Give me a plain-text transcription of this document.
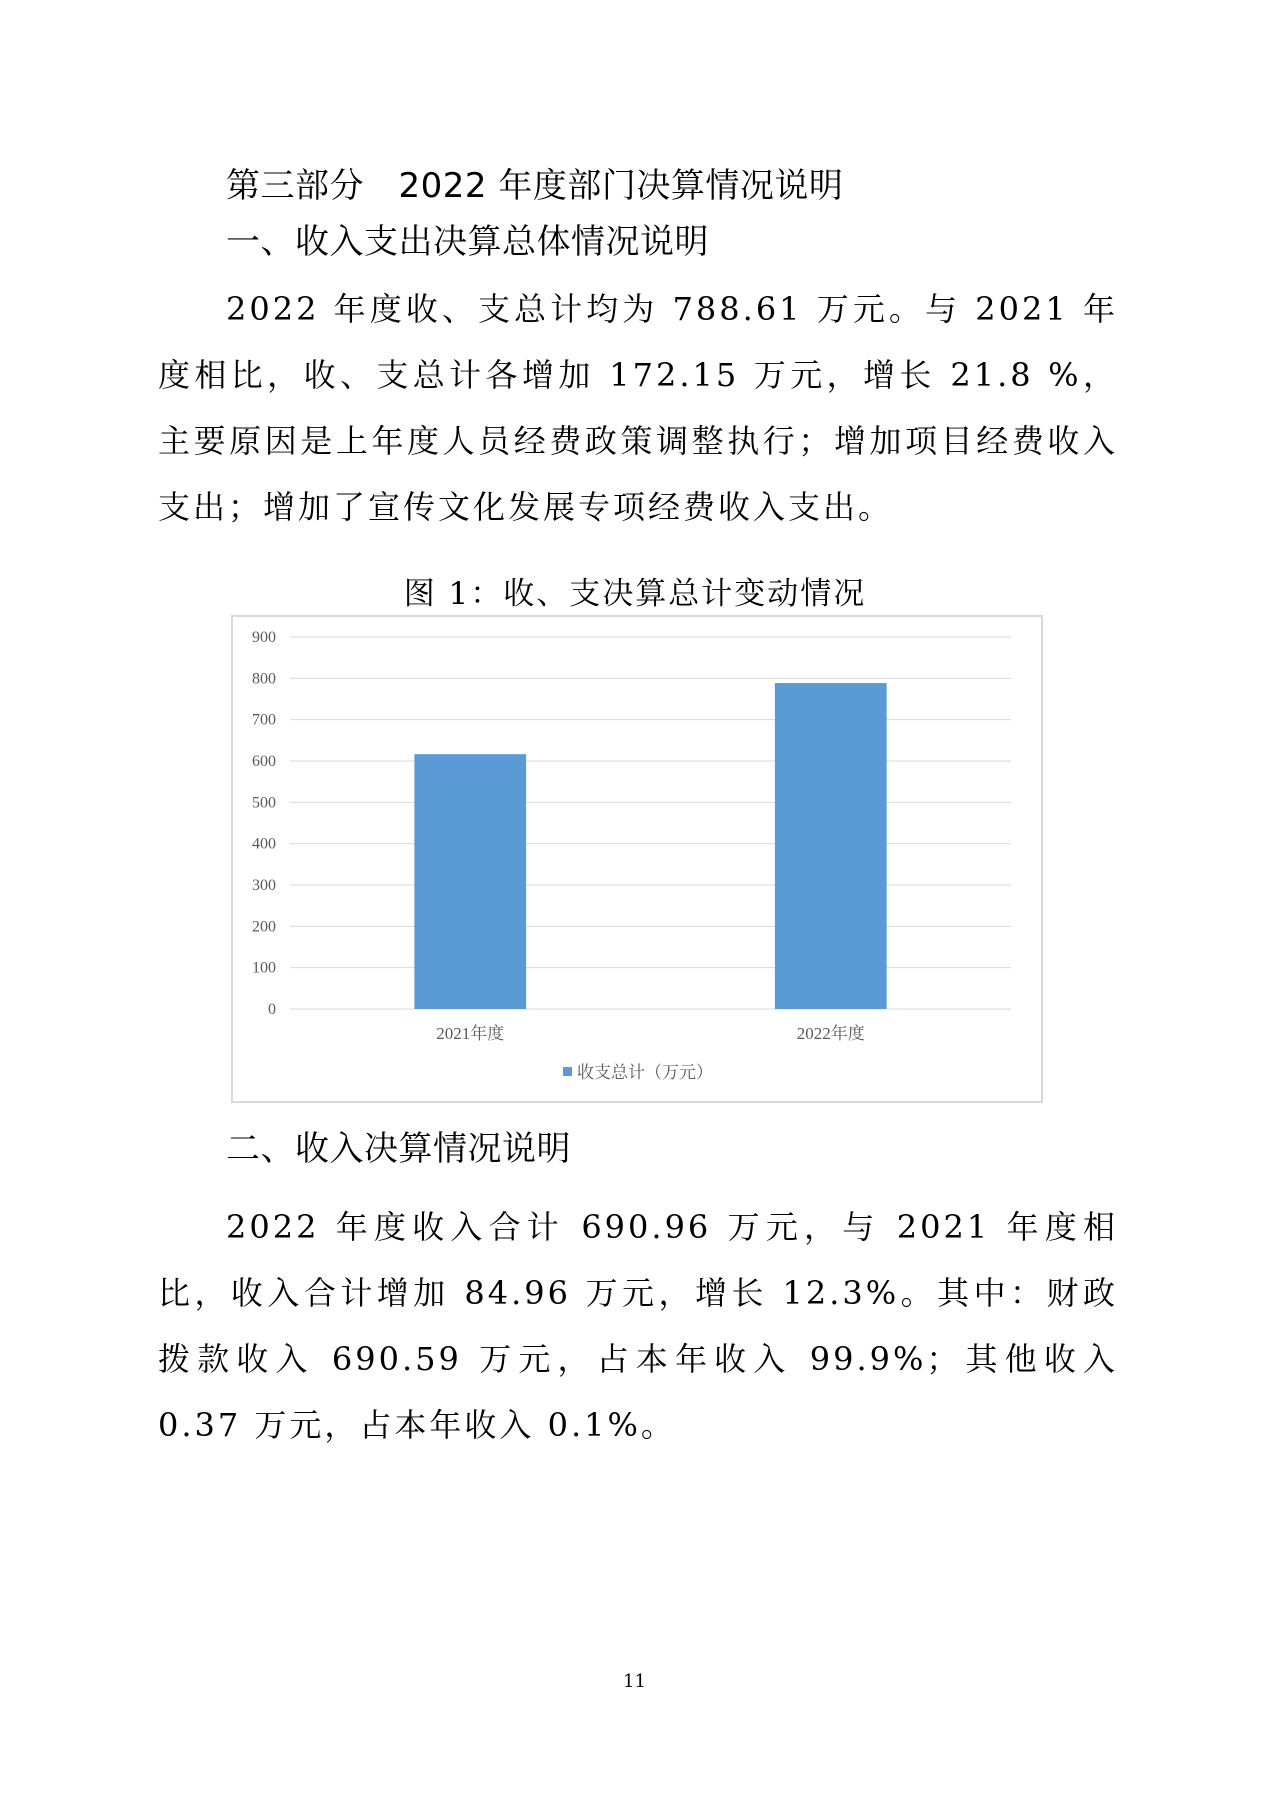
第三部分　2022 年度部门决算情况说明
一、收入支出决算总体情况说明
2022 年度收、支总计均为 788.61 万元。与 2021 年度相比，收、支总计各增加 172.15 万元，增长 21.8 %，主要原因是上年度人员经费政策调整执行；增加项目经费收入支出；增加了宣传文化发展专项经费收入支出。
图 1：收、支决算总计变动情况
0
100
200
300
400
500
600
700
800
900
2021年度	2022年度
收支总计（万元）
二、收入决算情况说明
2022 年度收入合计 690.96 万元，与 2021 年度相比，收入合计增加 84.96 万元，增长 12.3%。其中：财政拨款收入 690.59 万元，占本年收入 99.9%；其他收入 0.37 万元，占本年收入 0.1%。
11
